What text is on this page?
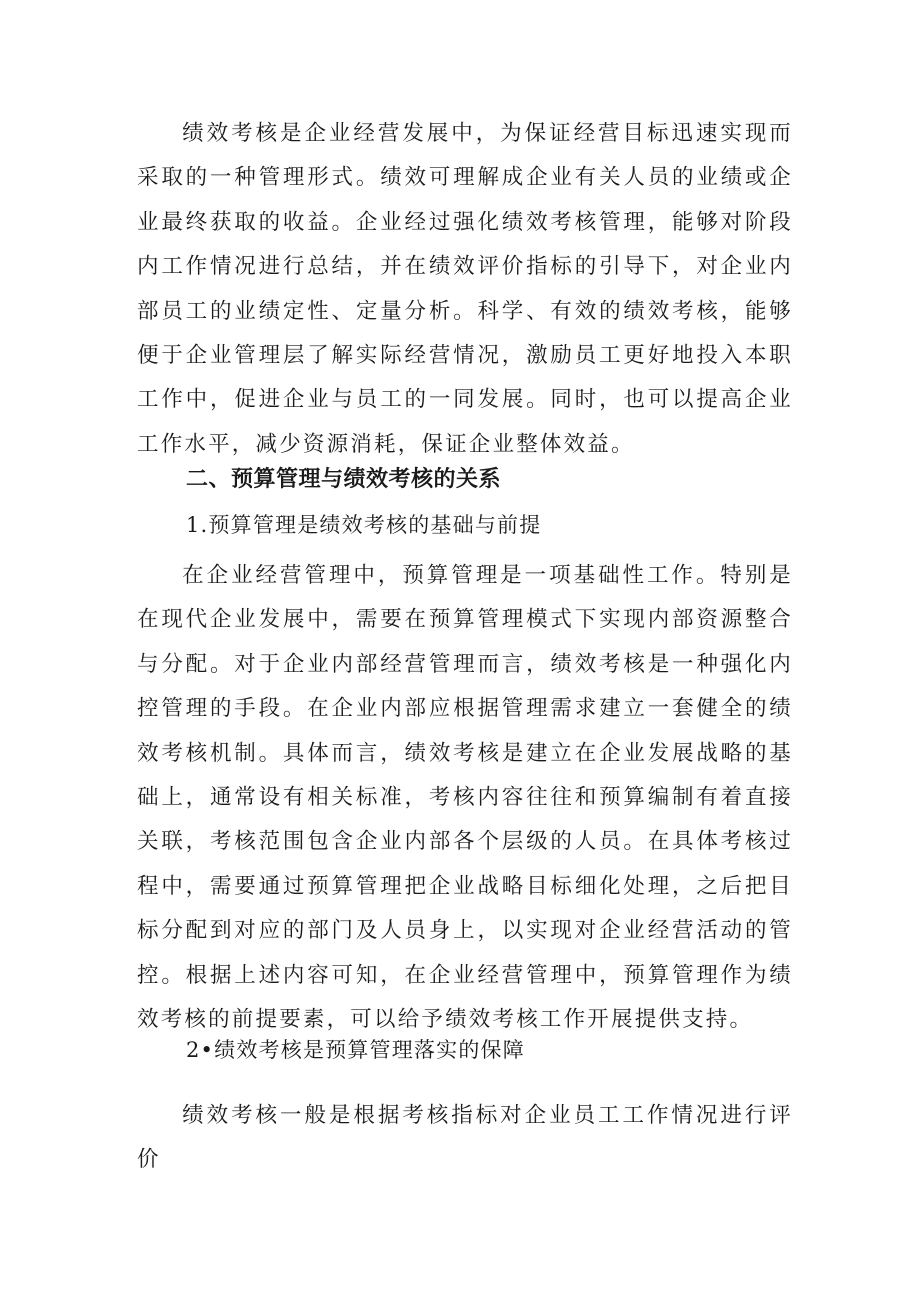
绩效考核是企业经营发展中，为保证经营目标迅速实现而采取的一种管理形式。绩效可理解成企业有关人员的业绩或企业最终获取的收益。企业经过强化绩效考核管理，能够对阶段内工作情况进行总结，并在绩效评价指标的引导下，对企业内部员工的业绩定性、定量分析。科学、有效的绩效考核，能够便于企业管理层了解实际经营情况，激励员工更好地投入本职工作中，促进企业与员工的一同发展。同时，也可以提高企业工作水平，减少资源消耗，保证企业整体效益。

二、预算管理与绩效考核的关系

1.预算管理是绩效考核的基础与前提

在企业经营管理中，预算管理是一项基础性工作。特别是在现代企业发展中，需要在预算管理模式下实现内部资源整合与分配。对于企业内部经营管理而言，绩效考核是一种强化内控管理的手段。在企业内部应根据管理需求建立一套健全的绩效考核机制。具体而言，绩效考核是建立在企业发展战略的基础上，通常设有相关标准，考核内容往往和预算编制有着直接关联，考核范围包含企业内部各个层级的人员。在具体考核过程中，需要通过预算管理把企业战略目标细化处理，之后把目标分配到对应的部门及人员身上，以实现对企业经营活动的管控。根据上述内容可知，在企业经营管理中，预算管理作为绩效考核的前提要素，可以给予绩效考核工作开展提供支持。

2•绩效考核是预算管理落实的保障

绩效考核一般是根据考核指标对企业员工工作情况进行评价
